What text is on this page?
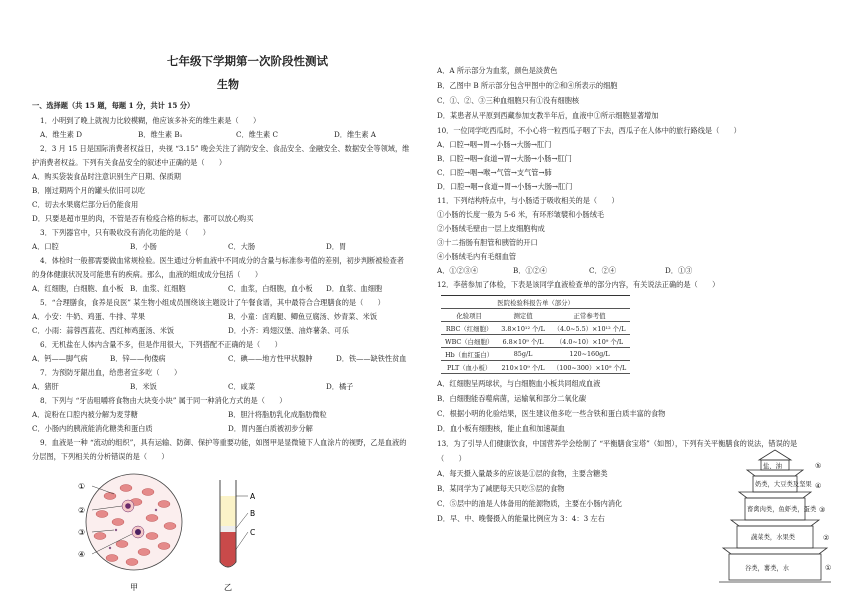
七年级下学期第一次阶段性测试
生物
一、选择题（共 15 题，每题 1 分，共计 15 分）
1．小明到了晚上就视力比较模糊，他应该多补充的维生素是（　　）
A．维生素 D	B．维生素 B₁	C．维生素 C	D．维生素 A
2．3 月 15 日是国际消费者权益日，央视 “3.15” 晚会关注了消防安全、食品安全、金融安全、数据安全等领域，维
护消费者权益。下列有关食品安全的叙述中正确的是（　　）
A．购买袋装食品时注意识别生产日期、保质期
B．刚过期两个月的罐头依旧可以吃
C．切去水果腐烂部分后仍能食用
D．只要是超市里的肉，不管是否有检疫合格的标志，都可以放心购买
3．下列器官中，只有吸收没有消化功能的是（　　）
A．口腔	B．小肠	C．大肠	D．胃
4．体检时一般都需要做血常规检验。医生通过分析血液中不同成分的含量与标准参考值的差别，初步判断被检查者
的身体健康状况及可能患有的疾病。那么，血液的组成成分包括（　　）
A．红细胞，白细胞、血小板 B．血浆、红细胞	C．血浆，白细胞，血小板 D．血浆、血细胞
5．“合理膳食，食养是良医” 某生物小组成员围绕该主题设计了午餐食谱，其中最符合合理膳食的是（　　）
A．小安：牛奶、鸡蛋、牛排、苹果	B．小童：卤鸡腿、鲫鱼豆腐汤、炒青菜、米饭
C．小雨：蒜蓉西蓝花、西红柿鸡蛋汤、米饭	D．小齐：鸡翅汉堡、油炸薯条、可乐
6．无机盐在人体内含量不多，但是作用很大，下列搭配不正确的是（　　）
A．钙——脚气病	B．锌——佝偻病	C．碘——地方性甲状腺肿	D．铁——缺铁性贫血
7．为预防牙龈出血，给患者宜多吃（　　）
A．猪肝	B．米饭	C．咸菜	D．橘子
8．下列与 “牙齿咀嚼将食物由大块变小块” 属于同一种消化方式的是（　　）
A．淀粉在口腔内被分解为麦芽糖	B．胆汁将脂肪乳化成脂肪微粒
C．小肠内的胰液能消化糖类和蛋白质	D．胃内蛋白质被初步分解
9．血液是一种 “流动的组织”，具有运输、防御、保护等重要功能，如图甲是显微镜下人血涂片的视野，乙是血液的
分层图，下列相关的分析错误的是（　　）
①
②
③
④
甲
A
B
C
乙
A．A 所示部分为血浆，颜色是淡黄色
B．乙图中 B 所示部分包含甲图中的②和④所表示的细胞
C．①、②、③三种血细胞只有①没有细胞核
D．某患者从平原到西藏参加支教半年后，血液中①所示细胞显著增加
10．一位同学吃西瓜时，不小心将一粒西瓜子咽了下去，西瓜子在人体中的旅行路线是（　　）
A．口腔→咽→胃→小肠→大肠→肛门
B．口腔→咽→食道→胃→大肠→小肠→肛门
C．口腔→咽→喉→气管→支气管→肺
D．口腔→咽→食道→胃→小肠→大肠→肛门
11．下列结构特点中，与小肠适于吸收相关的是（　　）
①小肠的长度一般为 5-6 米，有环形皱襞和小肠绒毛
②小肠绒毛壁由一层上皮细胞构成
③十二指肠有胆管和胰管的开口
④小肠绒毛内有毛细血管
A．①②③④	B．①②④	C．②④	D．①③
12．李蓓参加了体检，下表是该同学血液检查单的部分内容，有关说法正确的是（　　）
医院检验科报告单（部分）		
化验项目	测定值	正常参考值
RBC（红细胞）	3.8×10¹² 个/L	（4.0~5.5）×10¹² 个/L
WBC（白细胞）	6.8×10⁹ 个/L	（4.0~10）×10⁹ 个/L
Hb（血红蛋白）	85g/L	120~160g/L
PLT（血小板）	210×10⁹ 个/L	（100~300）×10⁹ 个/L
A．红细胞呈两球状，与白细胞血小板共同组成血液
B．白细胞能吞噬病菌，运输氧和部分二氧化碳
C．根据小明的化验结果，医生建议他多吃一些含铁和蛋白质丰富的食物
D．血小板有细胞核，能止血和加速凝血
13．为了引导人们健康饮食，中国营养学会绘制了 “平衡膳食宝塔”（如图），下列有关平衡膳食的说法，错误的是
（　　）
A．每天摄入量最多的应该是①层的食物，主要含糖类
B．某同学为了减肥每天只吃⑤层的食物
C．⑤层中的油是人体备用的能源物质，主要在小肠内消化
D．早、中、晚餐摄入的能量比例应为 3：4：3 左右
盐、油
奶类，大豆类及坚果
畜禽肉类，鱼虾类，蛋类
蔬菜类，水果类
谷类，薯类，水
⑤
④
③
②
①
